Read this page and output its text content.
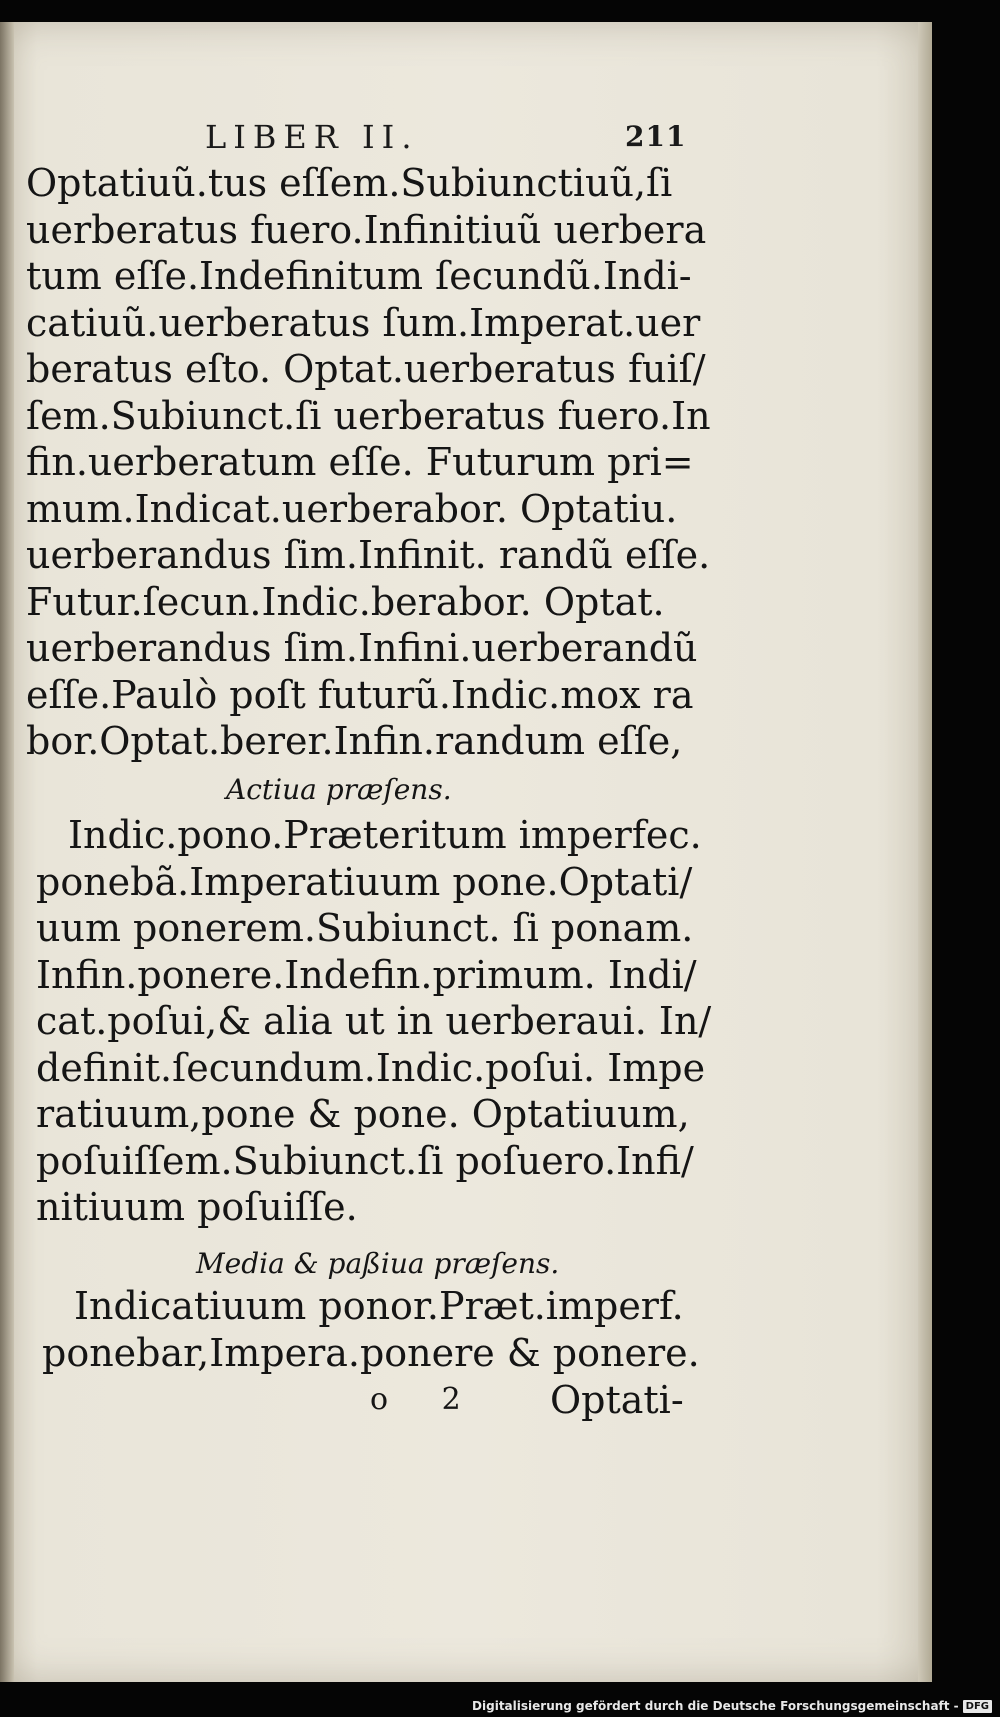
LIBER II.	211
Optatiuũ.tus eſſem.Subiunctiuũ,ſi
uerberatus fuero.Infinitiuũ uerbera
tum eſſe.Indefinitum ſecundũ.Indi-
catiuũ.uerberatus ſum.Imperat.uer
beratus eſto. Optat.uerberatus fuiſ/
ſem.Subiunct.ſi uerberatus fuero.In
fin.uerberatum eſſe. Futurum pri=
mum.Indicat.uerberabor. Optatiu.
uerberandus ſim.Infinit. randũ eſſe.
Futur.ſecun.Indic.berabor. Optat.
uerberandus ſim.Infini.uerberandũ
eſſe.Paulò poſt futurũ.Indic.mox ra
bor.Optat.berer.Infin.randum eſſe,
Actiua præſens.
Indic.pono.Præteritum imperfec.
ponebã.Imperatiuum pone.Optati/
uum ponerem.Subiunct. ſi ponam.
Infin.ponere.Indefin.primum. Indi/
cat.poſui,& alia ut in uerberaui. In/
definit.ſecundum.Indic.poſui. Impe
ratiuum,pone & pone. Optatiuum,
poſuiſſem.Subiunct.ſi poſuero.Infi/
nitiuum poſuiſſe.
Media & paßiua præſens.
Indicatiuum ponor.Præt.imperf.
ponebar,Impera.ponere & ponere.
o 2 Optati-
Digitalisierung gefördert durch die Deutsche Forschungsgemeinschaft - DFG
